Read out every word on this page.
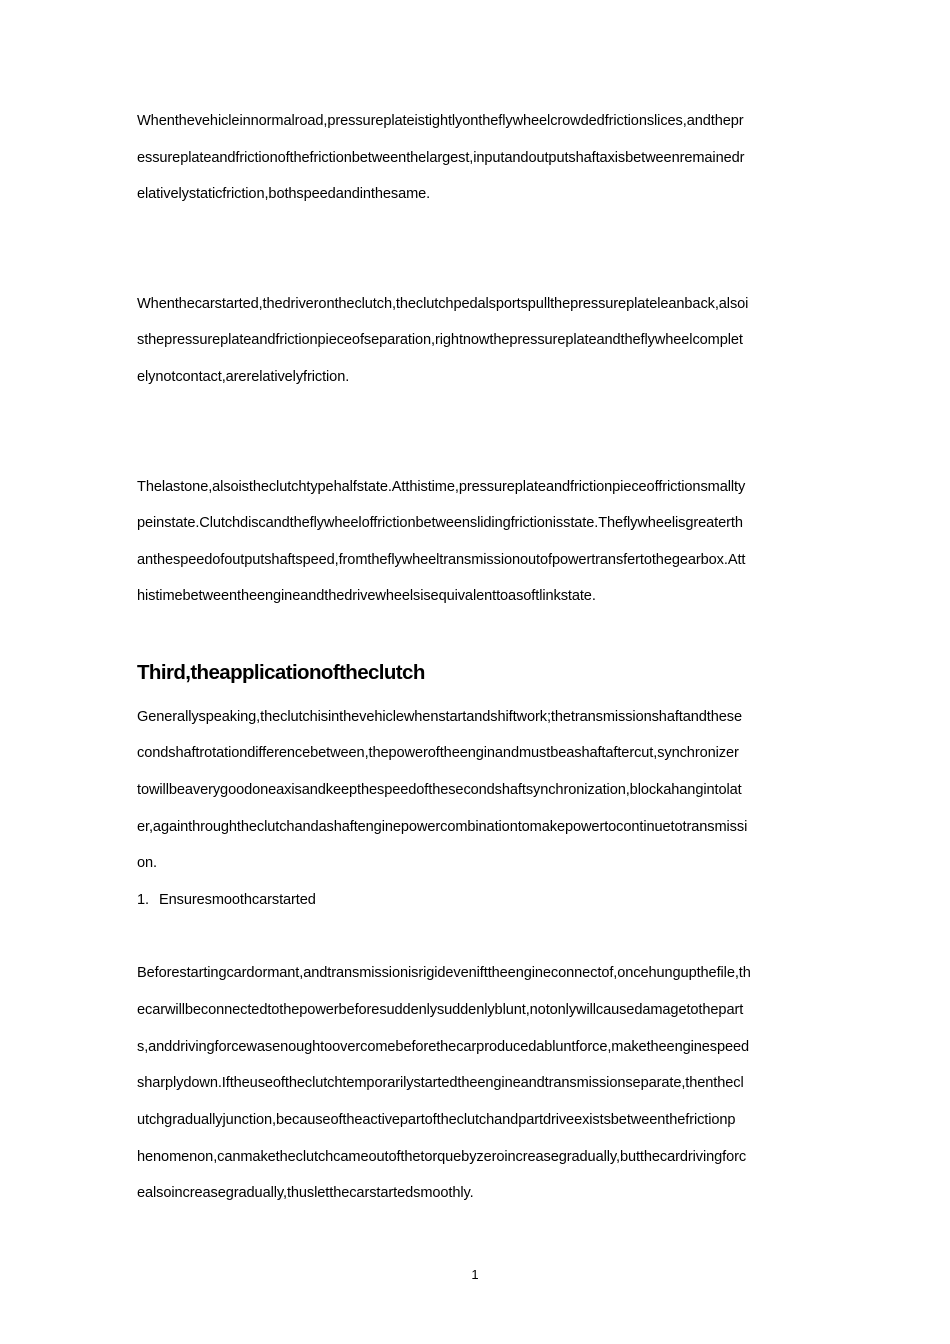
Whenthevehicleinnormalroad,pressureplateistightlyontheflywheelcrowdedfrictionslices,andthepr
essureplateandfrictionofthefrictionbetweenthelargest,inputandoutputshaftaxisbetweenremainedr
elativelystaticfriction,bothspeedandinthesame.
Whenthecarstarted,thedriverontheclutch,theclutchpedalsportspullthepressureplateleanback,alsoi
sthepressureplateandfrictionpieceofseparation,rightnowthepressureplateandtheflywheelcomplet
elynotcontact,arerelativelyfriction.
Thelastone,alsoistheclutchtypehalfstate.Atthistime,pressureplateandfrictionpieceoffrictionsmallty
peinstate.Clutchdiscandtheflywheeloffrictionbetweenslidingfrictionisstate.Theflywheelisgreaterth
anthespeedofoutputshaftspeed,fromtheflywheeltransmissionoutofpowertransfertothegearbox.Att
histimebetweentheengineandthedrivewheelsisequivalenttoasoftlinkstate.
Third,theapplicationoftheclutch
Generallyspeaking,theclutchisinthevehiclewhenstartandshiftwork;thetransmissionshaftandthese
condshaftrotationdifferencebetween,thepoweroftheenginandmustbeashaftaftercut,synchronizer
towillbeaverygoodoneaxisandkeepthespeedofthesecondshaftsynchronization,blockahangintolat
er,againthroughtheclutchandashaftenginepowercombinationtomakepowertocontinuetotransmissi
on.
1. Ensuresmoothcarstarted
Beforestartingcardormant,andtransmissionisrigidevenifttheengineconnectof,oncehungupthefile,th
ecarwillbeconnectedtothepowerbeforesuddenlysuddenlyblunt,notonlywillcausedamagetothepart
s,anddrivingforcewasenoughtoovercomebeforethecarproducedabluntforce,maketheenginespeed
sharplydown.Iftheuseoftheclutchtemporarilystartedtheengineandtransmissionseparate,thenthecl
utchgraduallyjunction,becauseoftheactivepartoftheclutchandpartdriveexistsbetweenthefrictionp
henomenon,canmaketheclutchcameoutofthetorquebyzeroincreasegradually,butthecardrivingforc
ealsoincreasegradually,thusletthecarstartedsmoothly.
1
